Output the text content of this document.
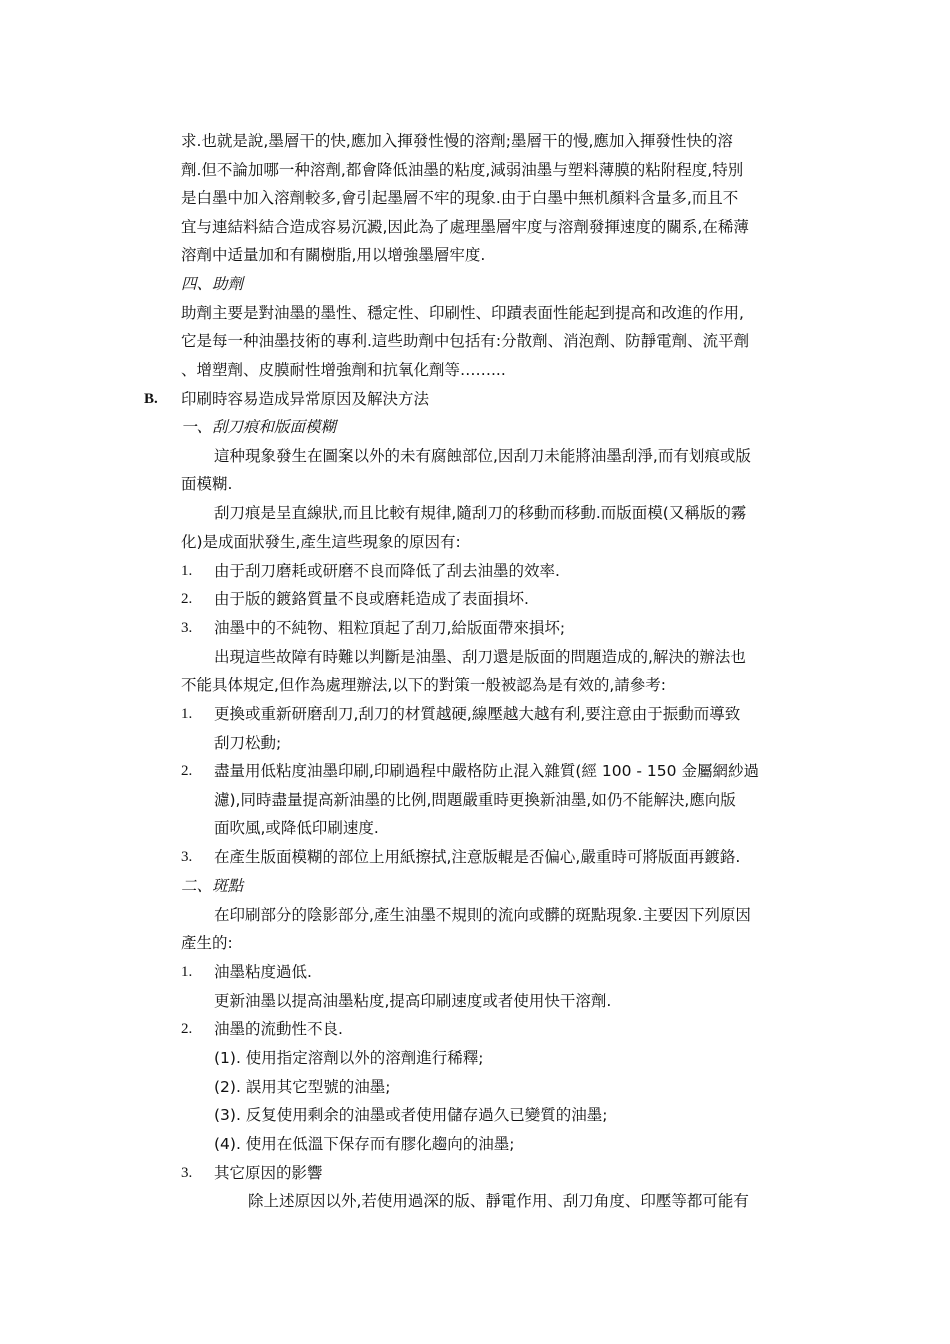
求.也就是說,墨層干的快,應加入揮發性慢的溶劑;墨層干的慢,應加入揮發性快的溶
劑.但不論加哪一种溶劑,都會降低油墨的粘度,減弱油墨与塑料薄膜的粘附程度,特別
是白墨中加入溶劑較多,會引起墨層不牢的現象.由于白墨中無机顏料含量多,而且不
宜与連結料結合造成容易沉澱,因此為了處理墨層牢度与溶劑發揮速度的關系,在稀薄
溶劑中适量加和有關樹脂,用以增強墨層牢度.
四、助劑
助劑主要是對油墨的墨性、穩定性、印刷性、印蹟表面性能起到提高和改進的作用,
它是每一种油墨技術的專利.這些助劑中包括有:分散劑、消泡劑、防靜電劑、流平劑
、增塑劑、皮膜耐性增強劑和抗氧化劑等……...
B. 印刷時容易造成异常原因及解決方法
一、刮刀痕和版面模糊
這种現象發生在圖案以外的未有腐蝕部位,因刮刀未能將油墨刮淨,而有划痕或版
面模糊.
刮刀痕是呈直線狀,而且比較有規律,隨刮刀的移動而移動.而版面模(又稱版的霧
化)是成面狀發生,產生這些現象的原因有:
1. 由于刮刀磨耗或研磨不良而降低了刮去油墨的效率.
2. 由于版的鍍鉻質量不良或磨耗造成了表面損坏.
3. 油墨中的不純物、粗粒頂起了刮刀,給版面帶來損坏;
出現這些故障有時難以判斷是油墨、刮刀還是版面的問題造成的,解決的辦法也
不能具体規定,但作為處理辦法,以下的對策一般被認為是有效的,請參考:
1. 更換或重新研磨刮刀,刮刀的材質越硬,線壓越大越有利,要注意由于振動而導致
刮刀松動;
2. 盡量用低粘度油墨印刷,印刷過程中嚴格防止混入雜質(經 100 - 150 金屬網紗過
濾),同時盡量提高新油墨的比例,問題嚴重時更換新油墨,如仍不能解決,應向版
面吹風,或降低印刷速度.
3. 在產生版面模糊的部位上用紙擦拭,注意版輥是否偏心,嚴重時可將版面再鍍鉻.
二、斑點
在印刷部分的陰影部分,產生油墨不規則的流向或髒的斑點現象.主要因下列原因
產生的:
1. 油墨粘度過低.
更新油墨以提高油墨粘度,提高印刷速度或者使用快干溶劑.
2. 油墨的流動性不良.
(1). 使用指定溶劑以外的溶劑進行稀釋;
(2). 誤用其它型號的油墨;
(3). 反复使用剩余的油墨或者使用儲存過久已變質的油墨;
(4). 使用在低溫下保存而有膠化趨向的油墨;
3. 其它原因的影響
除上述原因以外,若使用過深的版、靜電作用、刮刀角度、印壓等都可能有
